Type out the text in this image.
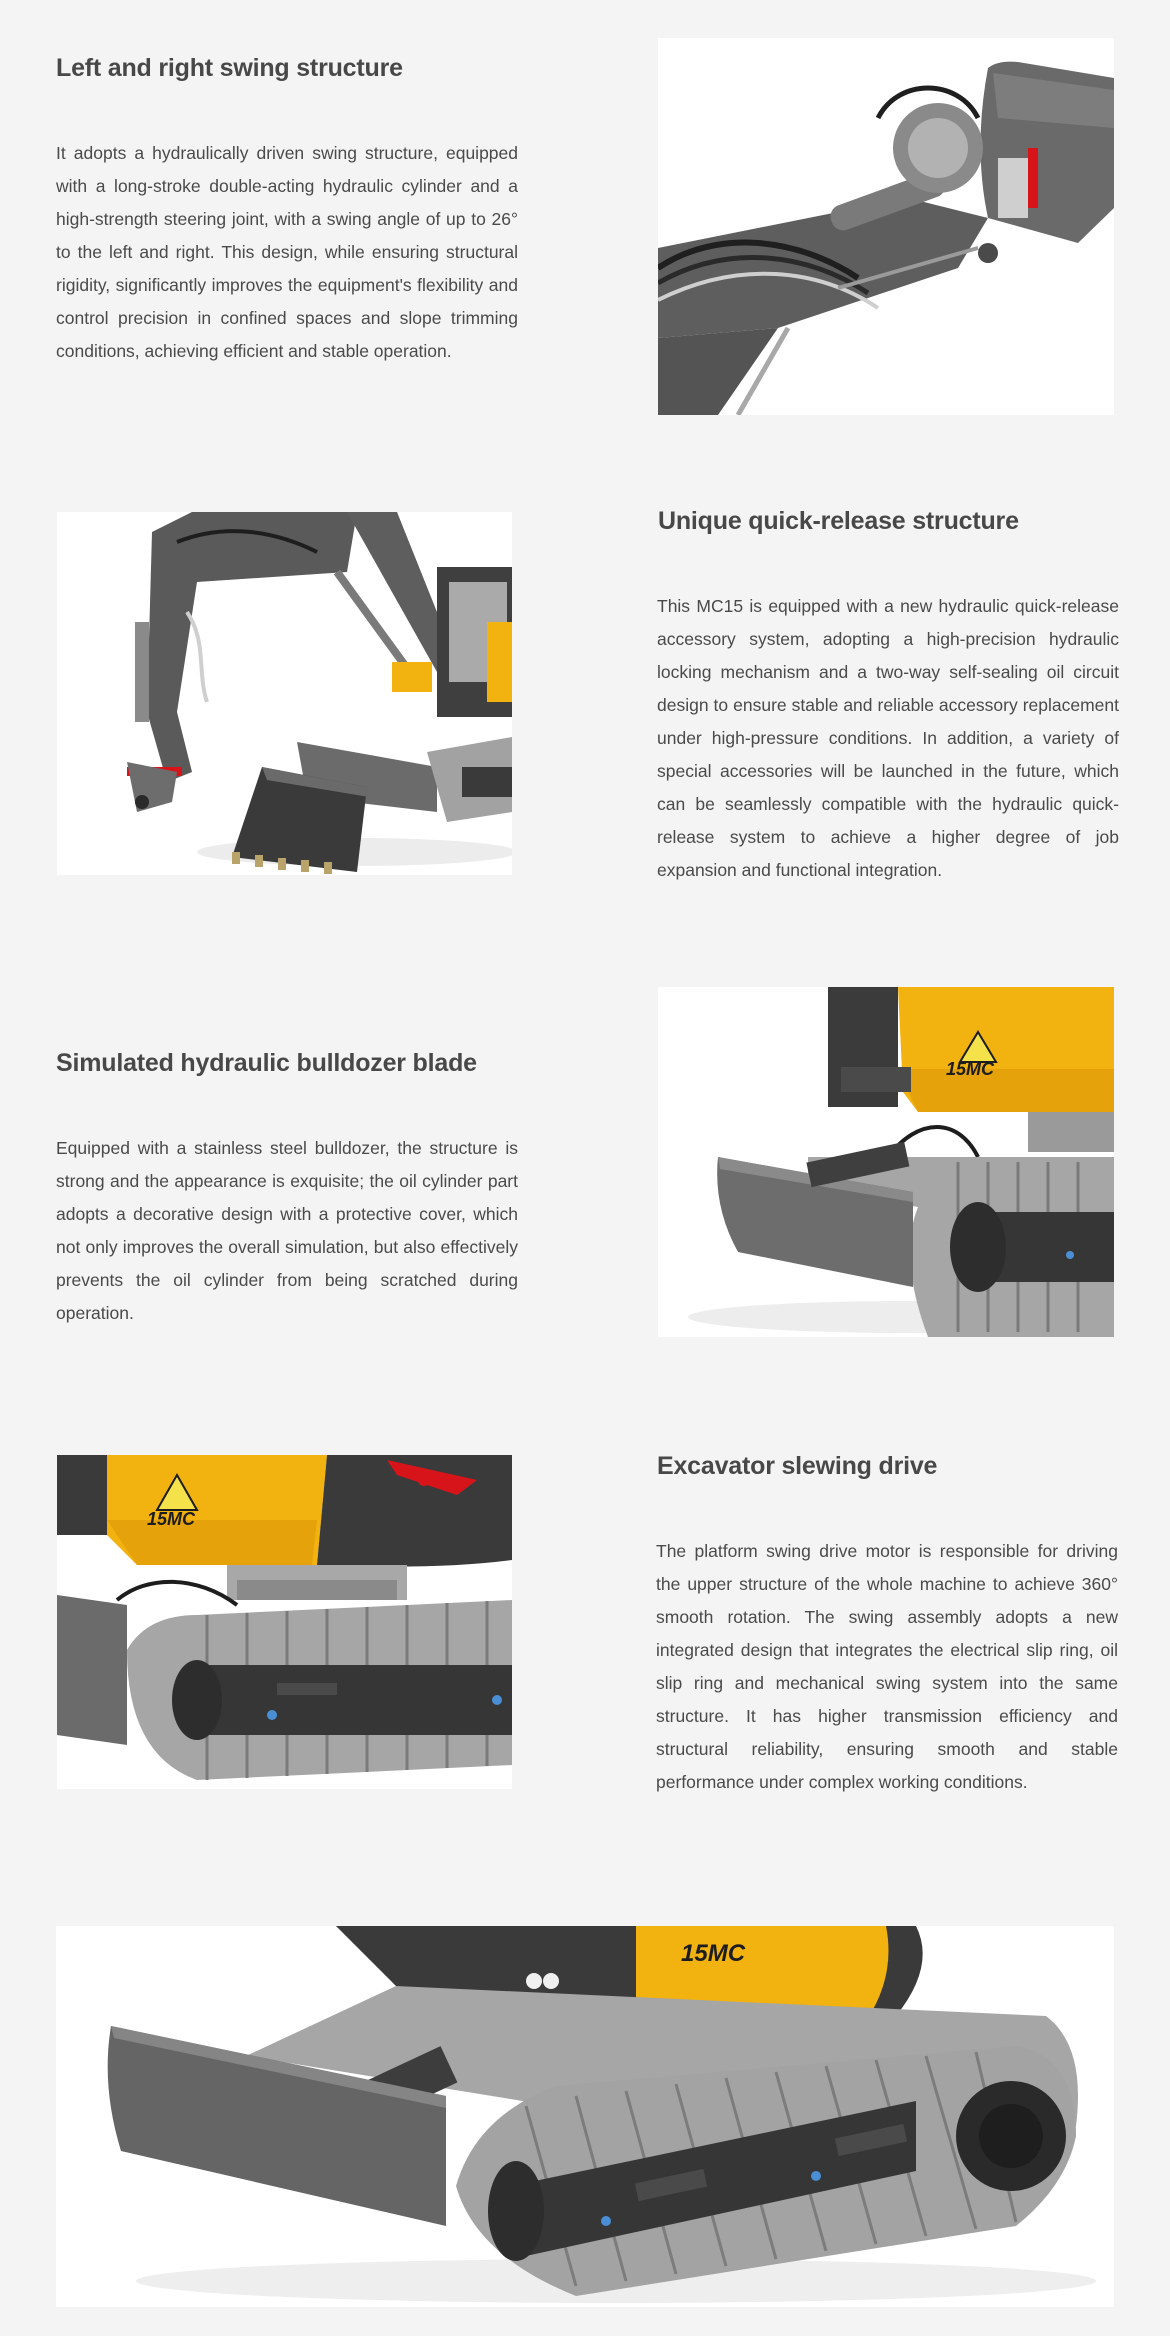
Left and right swing structure

It adopts a hydraulically driven swing structure, equipped with a long-stroke double-acting hydraulic cylinder and a high-strength steering joint, with a swing angle of up to 26° to the left and right. This design, while ensuring structural rigidity, significantly improves the equipment's flexibility and control precision in confined spaces and slope trimming conditions, achieving efficient and stable operation.

Unique quick-release structure

This MC15 is equipped with a new hydraulic quick-release accessory system, adopting a high-precision hydraulic locking mechanism and a two-way self-sealing oil circuit design to ensure stable and reliable accessory replacement under high-pressure conditions. In addition, a variety of special accessories will be launched in the future, which can be seamlessly compatible with the hydraulic quick-release system to achieve a higher degree of job expansion and functional integration.

Simulated hydraulic bulldozer blade

Equipped with a stainless steel bulldozer, the structure is strong and the appearance is exquisite; the oil cylinder part adopts a decorative design with a protective cover, which not only improves the overall simulation, but also effectively prevents the oil cylinder from being scratched during operation.

15MC
15MC
Excavator slewing drive

The platform swing drive motor is responsible for driving the upper structure of the whole machine to achieve 360° smooth rotation. The swing assembly adopts a new integrated design that integrates the electrical slip ring, oil slip ring and mechanical swing system into the same structure. It has higher transmission efficiency and structural reliability, ensuring smooth and stable performance under complex working conditions.

15MC
